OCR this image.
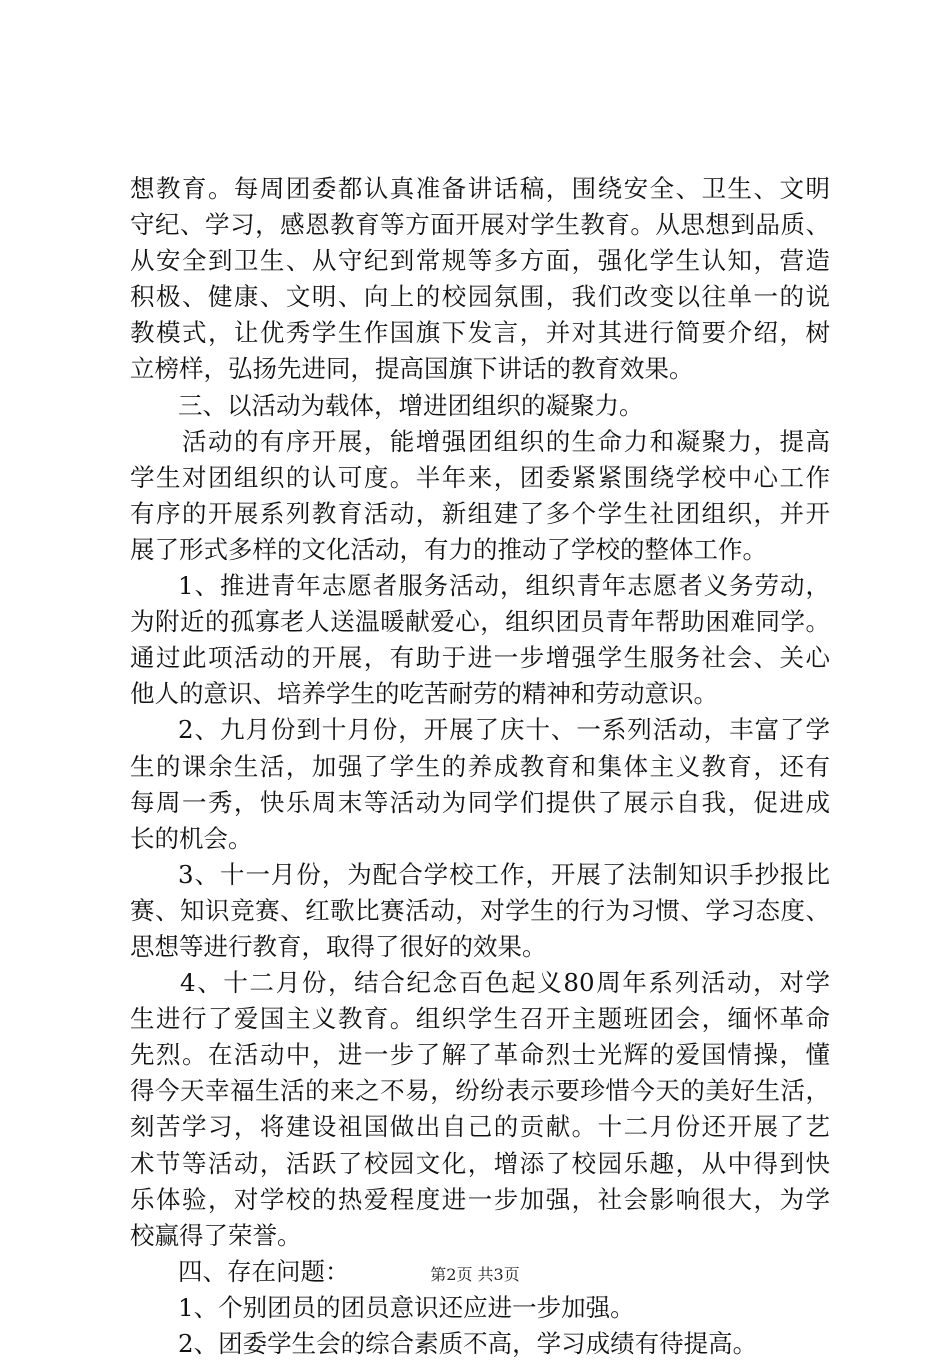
想教育。每周团委都认真准备讲话稿，围绕安全、卫生、文明
守纪、学习，感恩教育等方面开展对学生教育。从思想到品质、
从安全到卫生、从守纪到常规等多方面，强化学生认知，营造
积极、健康、文明、向上的校园氛围，我们改变以往单一的说
教模式，让优秀学生作国旗下发言，并对其进行简要介绍，树
立榜样，弘扬先进同，提高国旗下讲话的教育效果。
三、以活动为载体，增进团组织的凝聚力。
活动的有序开展，能增强团组织的生命力和凝聚力，提高
学生对团组织的认可度。半年来，团委紧紧围绕学校中心工作
有序的开展系列教育活动，新组建了多个学生社团组织，并开
展了形式多样的文化活动，有力的推动了学校的整体工作。
1、推进青年志愿者服务活动，组织青年志愿者义务劳动，
为附近的孤寡老人送温暖献爱心，组织团员青年帮助困难同学。
通过此项活动的开展，有助于进一步增强学生服务社会、关心
他人的意识、培养学生的吃苦耐劳的精神和劳动意识。
2、九月份到十月份，开展了庆十、一系列活动，丰富了学
生的课余生活，加强了学生的养成教育和集体主义教育，还有
每周一秀，快乐周末等活动为同学们提供了展示自我，促进成
长的机会。
3、十一月份，为配合学校工作，开展了法制知识手抄报比
赛、知识竞赛、红歌比赛活动，对学生的行为习惯、学习态度、
思想等进行教育，取得了很好的效果。
4、十二月份，结合纪念百色起义80周年系列活动，对学
生进行了爱国主义教育。组织学生召开主题班团会，缅怀革命
先烈。在活动中，进一步了解了革命烈士光辉的爱国情操，懂
得今天幸福生活的来之不易，纷纷表示要珍惜今天的美好生活，
刻苦学习，将建设祖国做出自己的贡献。十二月份还开展了艺
术节等活动，活跃了校园文化，增添了校园乐趣，从中得到快
乐体验，对学校的热爱程度进一步加强，社会影响很大，为学
校赢得了荣誉。
四、存在问题：
1、个别团员的团员意识还应进一步加强。
2、团委学生会的综合素质不高，学习成绩有待提高。
第2页 共3页
